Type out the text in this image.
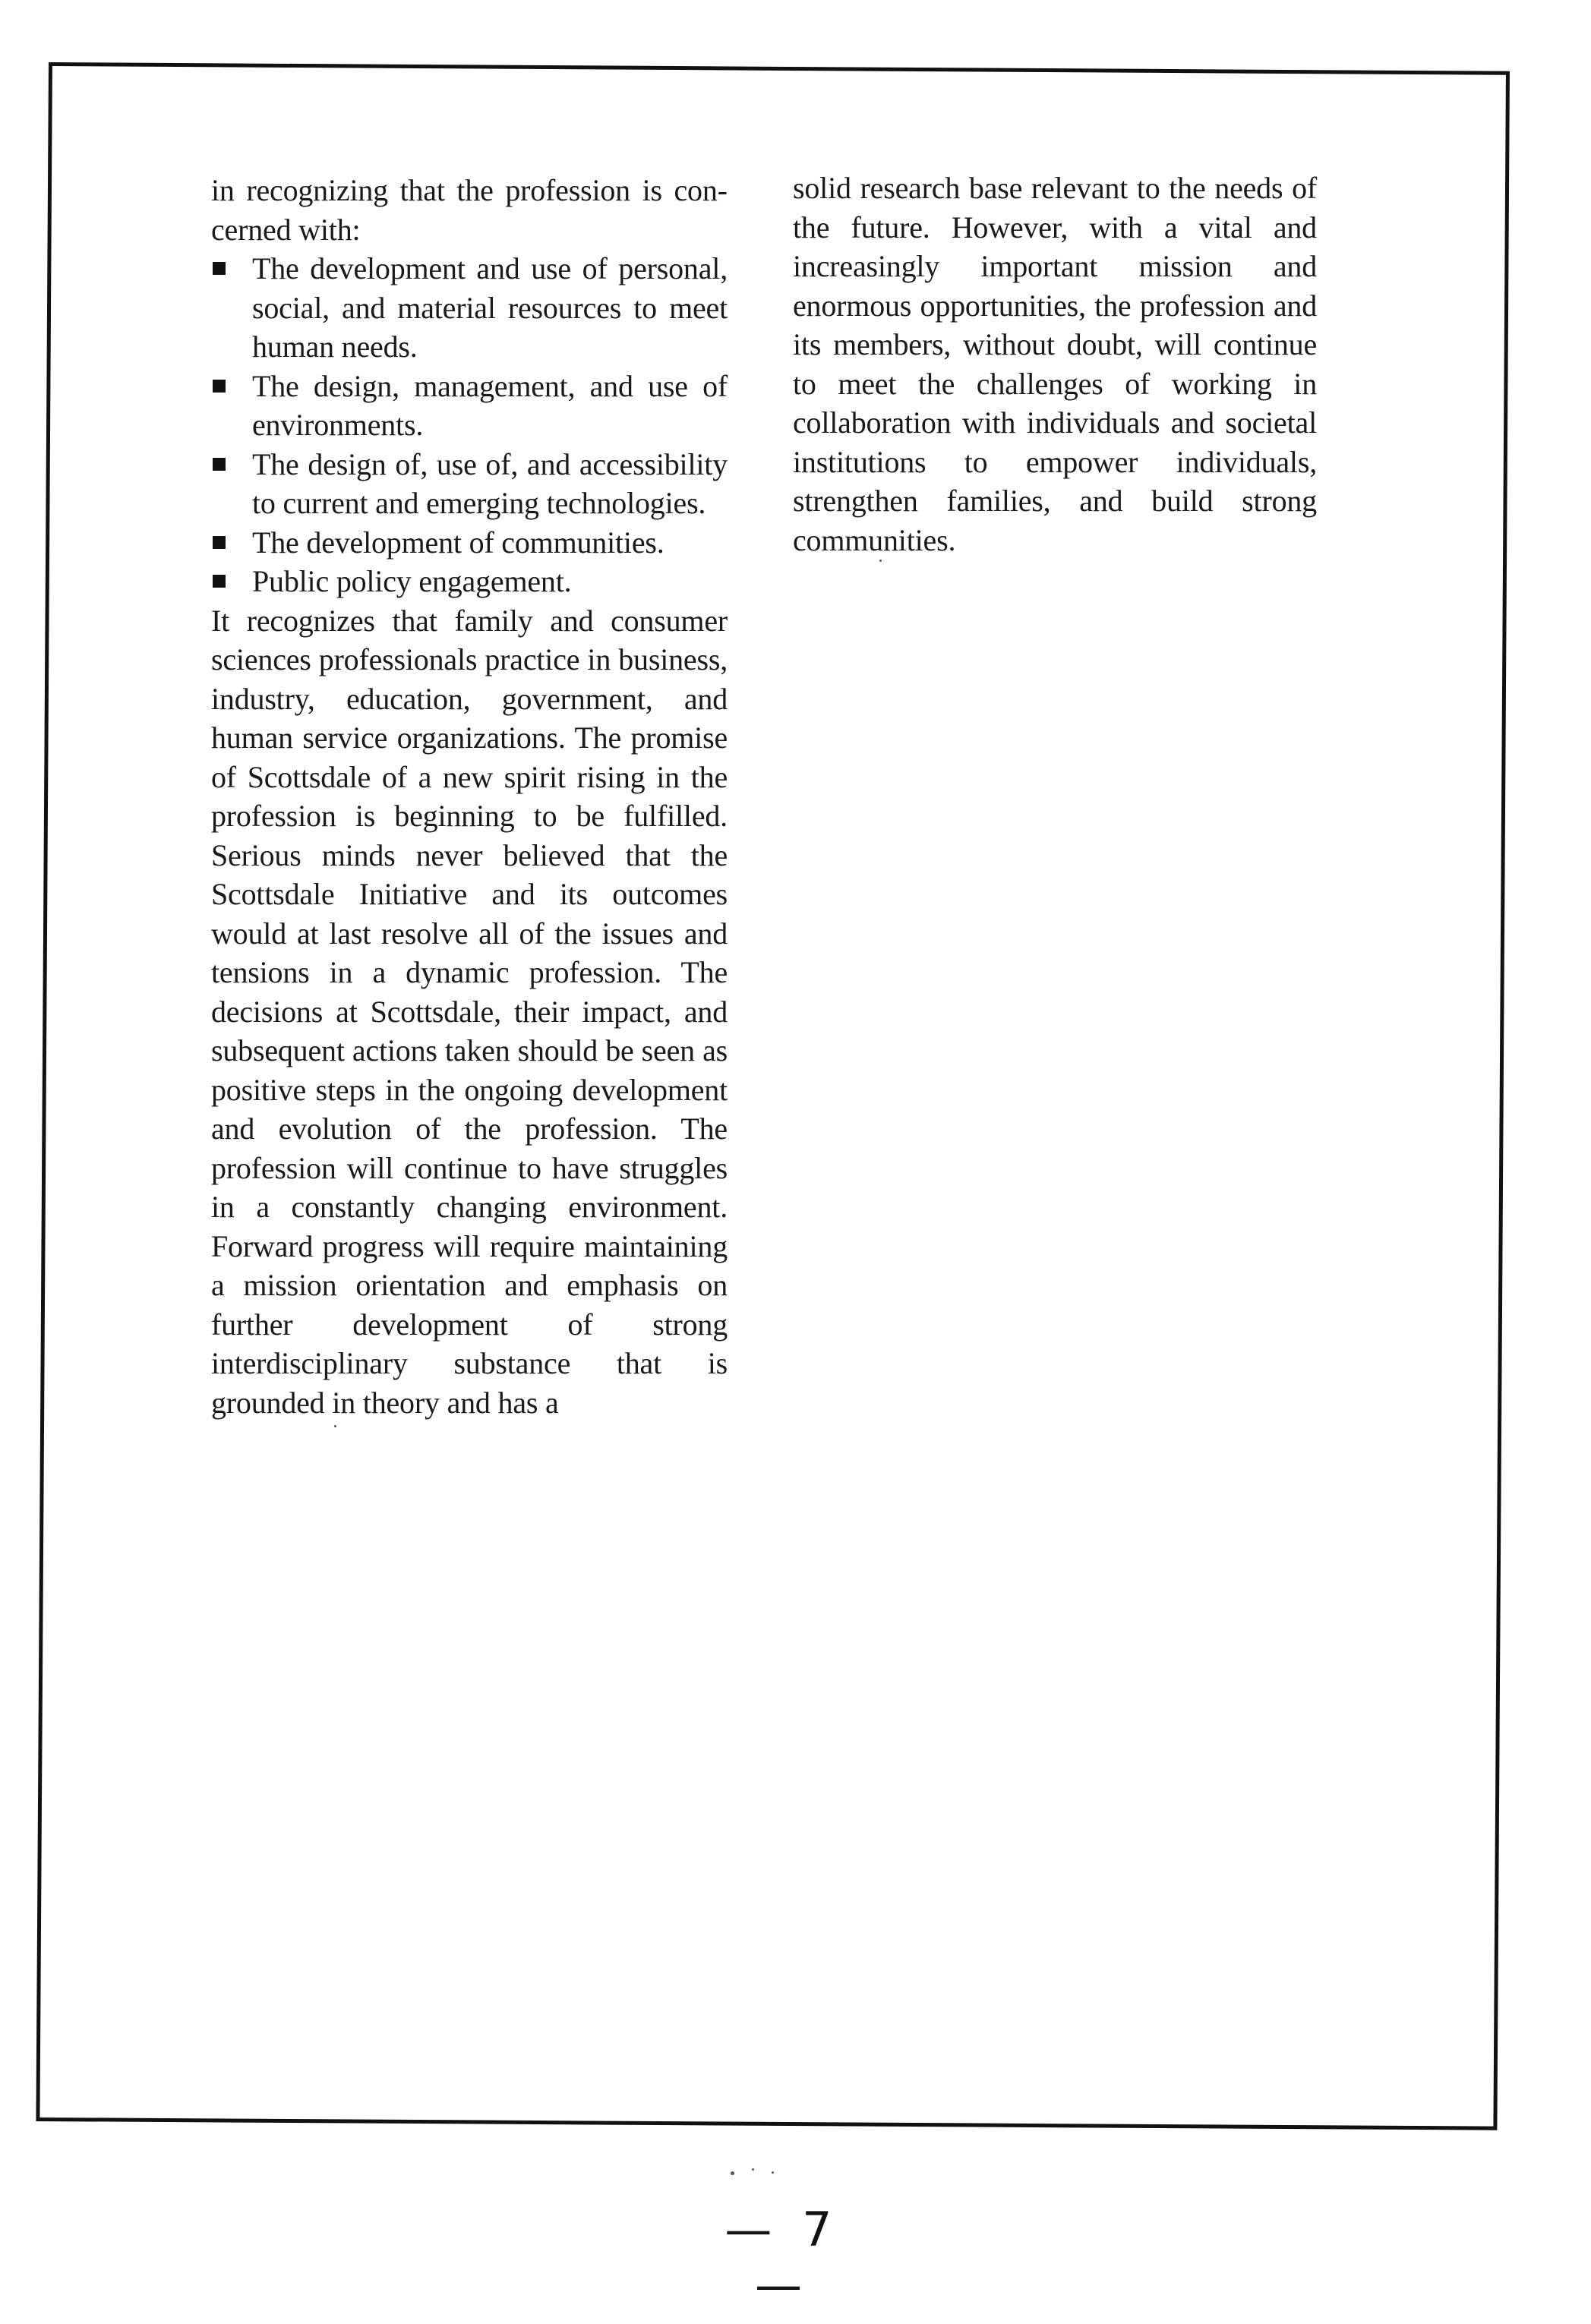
in recognizing that the profession is concerned with:

The development and use of personal, social, and material resources to meet human needs.
The design, management, and use of environments.
The design of, use of, and accessibility to current and emerging technologies.
The development of communities.
Public policy engagement.

It recognizes that family and consumer sciences professionals practice in business, industry, education, government, and human service organizations. The promise of Scottsdale of a new spirit rising in the profession is beginning to be fulfilled. Serious minds never believed that the Scottsdale Initiative and its outcomes would at last resolve all of the issues and tensions in a dynamic profession. The decisions at Scottsdale, their impact, and subsequent actions taken should be seen as positive steps in the ongoing development and evolution of the profession. The profession will continue to have struggles in a constantly changing environment. Forward progress will require maintaining a mission orientation and emphasis on further development of strong interdisciplinary substance that is grounded in theory and has a

solid research base relevant to the needs of the future. However, with a vital and increasingly important mission and enormous opportunities, the profession and its members, without doubt, will continue to meet the challenges of working in collaboration with individuals and societal institutions to empower individuals, strengthen families, and build strong communities.

— 7 —
